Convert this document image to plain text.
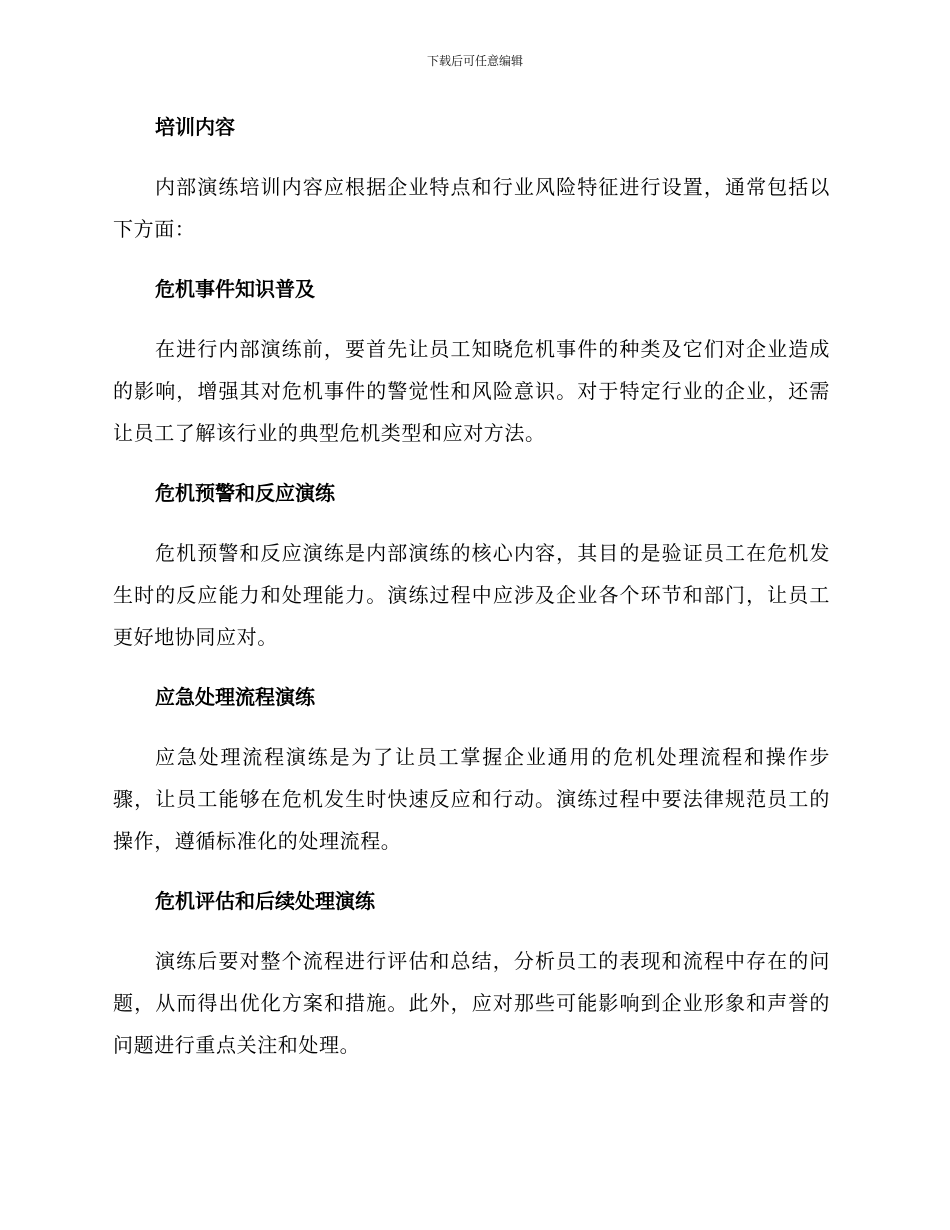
下载后可任意编辑
培训内容

内部演练培训内容应根据企业特点和行业风险特征进行设置，通常包括以下方面：

危机事件知识普及

在进行内部演练前，要首先让员工知晓危机事件的种类及它们对企业造成的影响，增强其对危机事件的警觉性和风险意识。对于特定行业的企业，还需让员工了解该行业的典型危机类型和应对方法。

危机预警和反应演练

危机预警和反应演练是内部演练的核心内容，其目的是验证员工在危机发生时的反应能力和处理能力。演练过程中应涉及企业各个环节和部门，让员工更好地协同应对。

应急处理流程演练

应急处理流程演练是为了让员工掌握企业通用的危机处理流程和操作步骤，让员工能够在危机发生时快速反应和行动。演练过程中要法律规范员工的操作，遵循标准化的处理流程。

危机评估和后续处理演练

演练后要对整个流程进行评估和总结，分析员工的表现和流程中存在的问题，从而得出优化方案和措施。此外，应对那些可能影响到企业形象和声誉的问题进行重点关注和处理。
